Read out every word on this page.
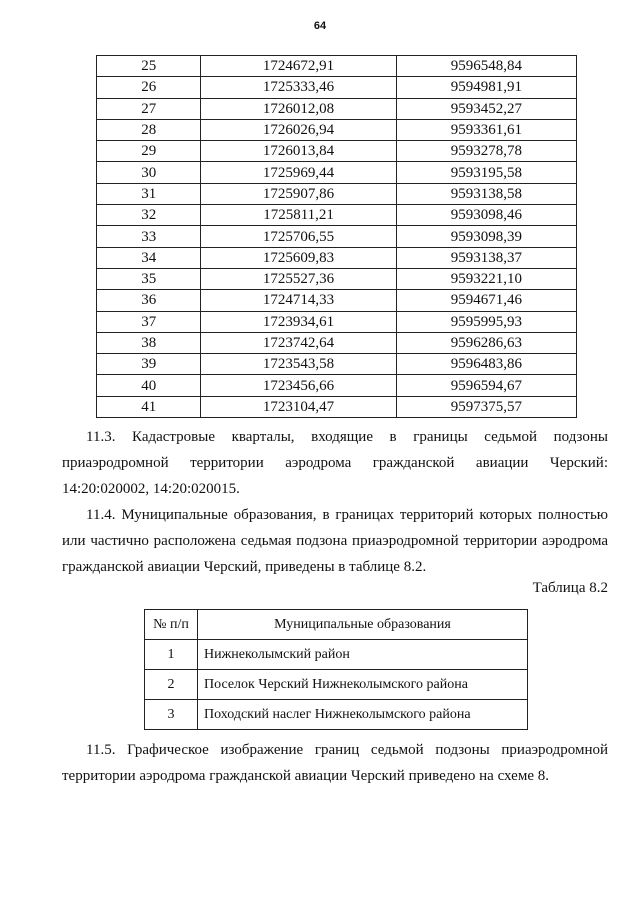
64
25	1724672,91	9596548,84
26	1725333,46	9594981,91
27	1726012,08	9593452,27
28	1726026,94	9593361,61
29	1726013,84	9593278,78
30	1725969,44	9593195,58
31	1725907,86	9593138,58
32	1725811,21	9593098,46
33	1725706,55	9593098,39
34	1725609,83	9593138,37
35	1725527,36	9593221,10
36	1724714,33	9594671,46
37	1723934,61	9595995,93
38	1723742,64	9596286,63
39	1723543,58	9596483,86
40	1723456,66	9596594,67
41	1723104,47	9597375,57
11.3. Кадастровые кварталы, входящие в границы седьмой подзоны приаэродромной территории аэродрома гражданской авиации Черский: 14:20:020002, 14:20:020015.
11.4. Муниципальные образования, в границах территорий которых полностью или частично расположена седьмая подзона приаэродромной территории аэродрома гражданской авиации Черский, приведены в таблице 8.2.
Таблица 8.2
№ п/п	Муниципальные образования
1	Нижнеколымский район
2	Поселок Черский Нижнеколымского района
3	Походский наслег Нижнеколымского района
11.5. Графическое изображение границ седьмой подзоны приаэродромной территории аэродрома гражданской авиации Черский приведено на схеме 8.
